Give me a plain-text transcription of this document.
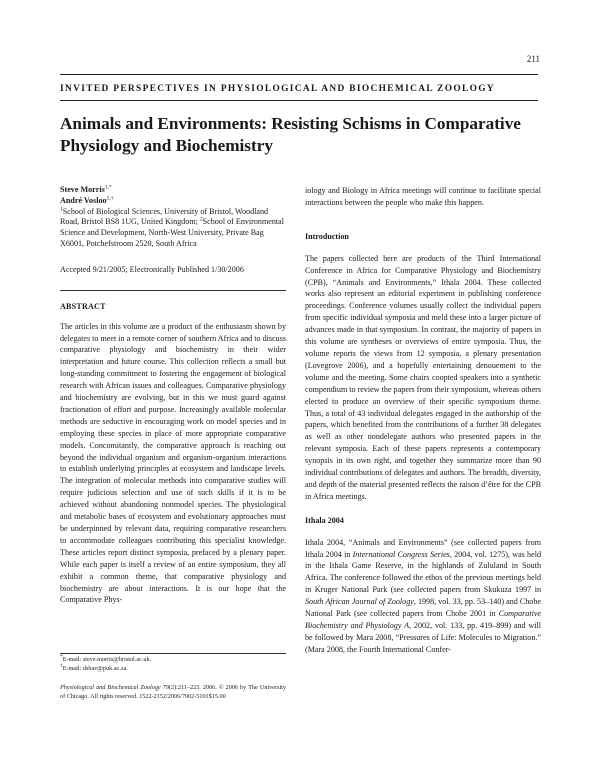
211
INVITED PERSPECTIVES IN PHYSIOLOGICAL AND BIOCHEMICAL ZOOLOGY
Animals and Environments: Resisting Schisms in Comparative Physiology and Biochemistry
Steve Morris$^{1,*}$
André Vosloo$^{2,\dagger}$
$^1$School of Biological Sciences, University of Bristol, Woodland Road, Bristol BS8 1UG, United Kingdom; $^2$School of Environmental Science and Development, North-West University, Private Bag X6001, Potchefstroom 2520, South Africa
Accepted 9/21/2005; Electronically Published 1/30/2006
ABSTRACT

The articles in this volume are a product of the enthusiasm shown by delegates to meet in a remote corner of southern Africa and to discuss comparative physiology and biochemistry in their wider interpretation and future course. This collection reflects a small but long-standing commitment to fostering the engagement of biological research with African issues and colleagues. Comparative physiology and biochemistry are evolving, but in this we must guard against fractionation of effort and purpose. Increasingly available molecular methods are seductive in encouraging work on model species and in employing these species in place of more appropriate comparative models. Concomitantly, the comparative approach is reaching out beyond the individual organism and organism-organism interactions to establish underlying principles at ecosystem and landscape levels. The integration of molecular methods into comparative studies will require judicious selection and use of such skills if it is to be achieved without abandoning nonmodel species. The physiological and metabolic bases of ecosystem and evolutionary approaches must be underpinned by relevant data, requiring comparative researchers to accommodate colleagues contributing this specialist knowledge. These articles report distinct symposia, prefaced by a plenary paper. While each paper is itself a review of an entire symposium, they all exhibit a common theme, that comparative physiology and biochemistry are about interactions. It is our hope that the Comparative Phys-

*E-mail: steve.morris@bristol.ac.uk.
†E-mail: dsbav@puk.ac.za.
Physiological and Biochemical Zoology 79(2):211–223. 2006. © 2006 by The University of Chicago. All rights reserved. 1522-2152/2006/7902-5101$15.00

iology and Biology in Africa meetings will continue to facilitate special interactions between the people who make this happen.

Introduction

The papers collected here are products of the Third International Conference in Africa for Comparative Physiology and Biochemistry (CPB), “Animals and Environments,” Ithala 2004. These collected works also represent an editorial experiment in publishing conference proceedings. Conference volumes usually collect the individual papers from specific individual symposia and meld these into a larger picture of advances made in that symposium. In contrast, the majority of papers in this volume are syntheses or overviews of entire symposia. Thus, the volume reports the views from 12 symposia, a plenary presentation (Lovegrove 2006), and a hopefully entertaining denouement to the volume and the meeting. Some chairs coopted speakers into a synthetic compendium to review the papers from their symposium, whereas others elected to produce an overview of their specific symposium theme. Thus, a total of 43 individual delegates engaged in the authorship of the papers, which benefited from the contributions of a further 38 delegates as well as other nondelegate authors who presented papers in the relevant symposia. Each of these papers represents a contemporary synopsis in its own right, and together they summarize more than 90 individual contributions of delegates and authors. The breadth, diversity, and depth of the material presented reflects the raison d’être for the CPB in Africa meetings.

Ithala 2004

Ithala 2004, “Animals and Environments” (see collected papers from Ithala 2004 in International Congress Series, 2004, vol. 1275), was held in the Ithala Game Reserve, in the highlands of Zululand in South Africa. The conference followed the ethos of the previous meetings held in Kruger National Park (see collected papers from Skukuza 1997 in South African Journal of Zoology, 1998, vol. 33, pp. 53–140) and Chobe National Park (see collected papers from Chobe 2001 in Comparative Biochemistry and Physiology A, 2002, vol. 133, pp. 419–899) and will be followed by Mara 2008, “Pressures of Life: Molecules to Migration.” (Mara 2008, the Fourth International Confer-
